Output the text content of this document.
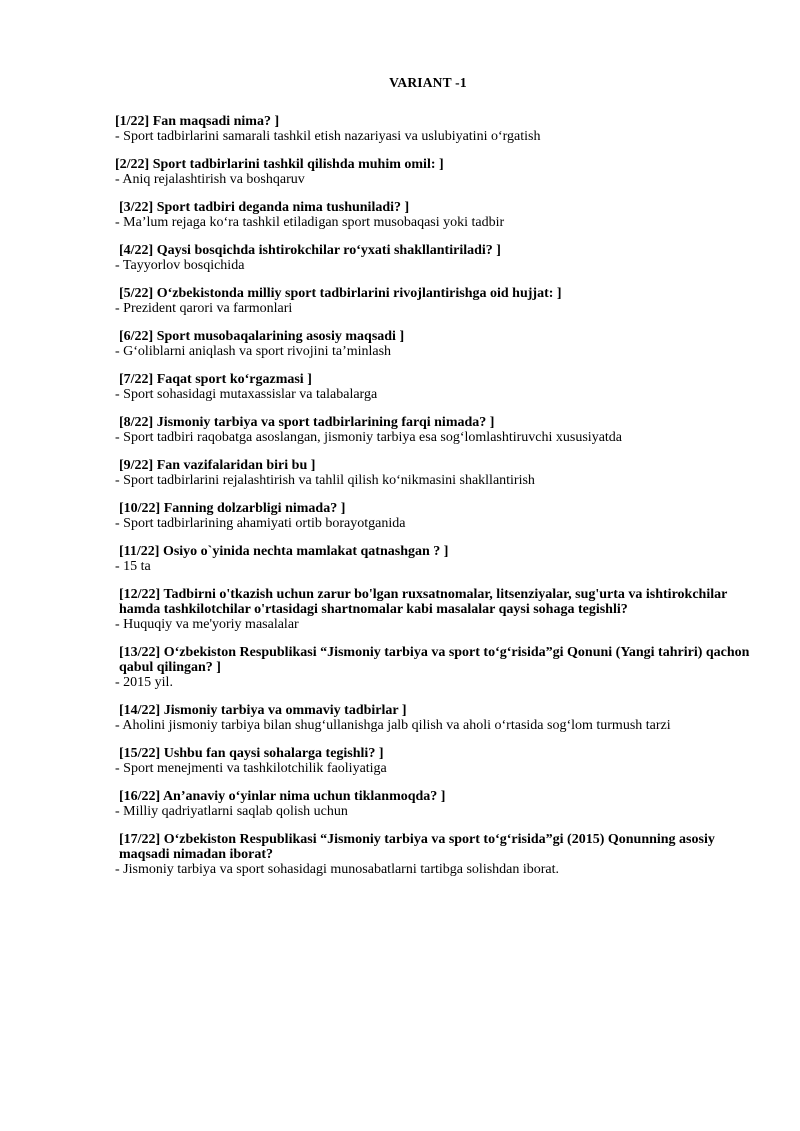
VARIANT -1
[1/22] Fan maqsadi nima? ]
- Sport tadbirlarini samarali tashkil etish nazariyasi va uslubiyatini o‘rgatish
[2/22] Sport tadbirlarini tashkil qilishda muhim omil: ]
- Aniq rejalashtirish va boshqaruv
[3/22] Sport tadbiri deganda nima tushuniladi? ]
- Ma’lum rejaga ko‘ra tashkil etiladigan sport musobaqasi yoki tadbir
[4/22] Qaysi bosqichda ishtirokchilar ro‘yxati shakllantiriladi? ]
- Tayyorlov bosqichida
[5/22] O‘zbekistonda milliy sport tadbirlarini rivojlantirishga oid hujjat: ]
- Prezident qarori va farmonlari
[6/22] Sport musobaqalarining asosiy maqsadi ]
- G‘oliblarni aniqlash va sport rivojini ta’minlash
[7/22] Faqat sport ko‘rgazmasi ]
- Sport sohasidagi mutaxassislar va talabalarga
[8/22] Jismoniy tarbiya va sport tadbirlarining farqi nimada? ]
- Sport tadbiri raqobatga asoslangan, jismoniy tarbiya esa sog‘lomlashtiruvchi xususiyatda
[9/22] Fan vazifalaridan biri bu ]
- Sport tadbirlarini rejalashtirish va tahlil qilish ko‘nikmasini shakllantirish
[10/22] Fanning dolzarbligi nimada? ]
- Sport tadbirlarining ahamiyati ortib borayotganida
[11/22] Osiyo o`yinida nechta mamlakat qatnashgan ? ]
- 15 ta
[12/22] Tadbirni o'tkazish uchun zarur bo'lgan ruxsatnomalar, litsenziyalar, sug'urta va ishtirokchilar hamda tashkilotchilar o'rtasidagi shartnomalar kabi masalalar qaysi sohaga tegishli?
- Huquqiy va me'yoriy masalalar
[13/22] O‘zbekiston Respublikasi “Jismoniy tarbiya va sport to‘g‘risida”gi Qonuni (Yangi tahriri) qachon qabul qilingan? ]
- 2015 yil.
[14/22] Jismoniy tarbiya va ommaviy tadbirlar ]
- Aholini jismoniy tarbiya bilan shug‘ullanishga jalb qilish va aholi o‘rtasida sog‘lom turmush tarzi
[15/22] Ushbu fan qaysi sohalarga tegishli? ]
- Sport menejmenti va tashkilotchilik faoliyatiga
[16/22] An’anaviy o‘yinlar nima uchun tiklanmoqda? ]
- Milliy qadriyatlarni saqlab qolish uchun
[17/22] O‘zbekiston Respublikasi “Jismoniy tarbiya va sport to‘g‘risida”gi (2015) Qonunning asosiy maqsadi nimadan iborat?
- Jismoniy tarbiya va sport sohasidagi munosabatlarni tartibga solishdan iborat.
